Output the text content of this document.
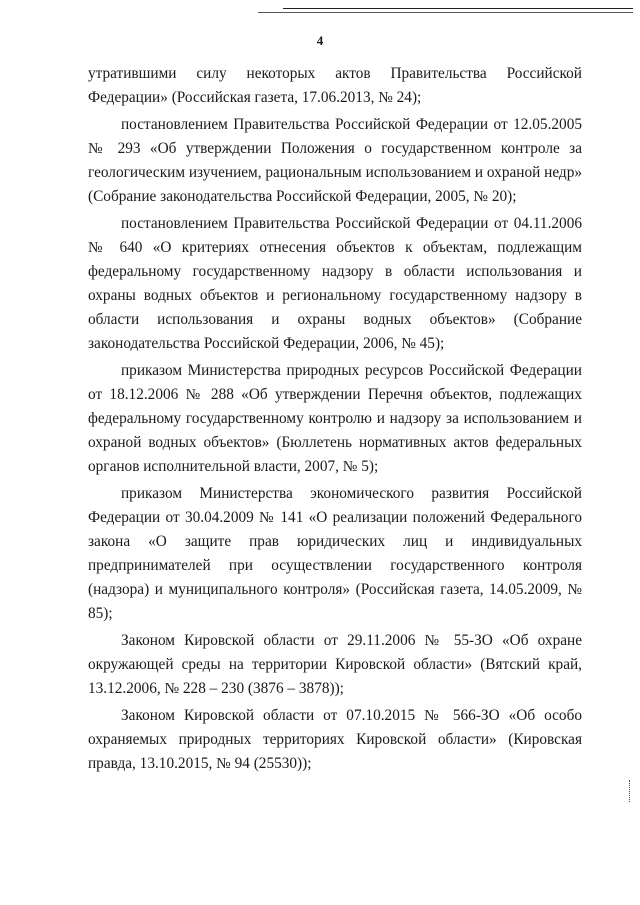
4

утратившими силу некоторых актов Правительства Российской Федерации» (Российская газета, 17.06.2013, № 24);

постановлением Правительства Российской Федерации от 12.05.2005 № 293 «Об утверждении Положения о государственном контроле за геологическим изучением, рациональным использованием и охраной недр» (Собрание законодательства Российской Федерации, 2005, № 20);

постановлением Правительства Российской Федерации от 04.11.2006 № 640 «О критериях отнесения объектов к объектам, подлежащим федеральному государственному надзору в области использования и охраны водных объектов и региональному государственному надзору в области использования и охраны водных объектов» (Собрание законодательства Российской Федерации, 2006, № 45);

приказом Министерства природных ресурсов Российской Федерации от 18.12.2006 № 288 «Об утверждении Перечня объектов, подлежащих федеральному государственному контролю и надзору за использованием и охраной водных объектов» (Бюллетень нормативных актов федеральных органов исполнительной власти, 2007, № 5);

приказом Министерства экономического развития Российской Федерации от 30.04.2009 № 141 «О реализации положений Федерального закона «О защите прав юридических лиц и индивидуальных предпринимателей при осуществлении государственного контроля (надзора) и муниципального контроля» (Российская газета, 14.05.2009, № 85);

Законом Кировской области от 29.11.2006 № 55-ЗО «Об охране окружающей среды на территории Кировской области» (Вятский край, 13.12.2006, № 228 – 230 (3876 – 3878));

Законом Кировской области от 07.10.2015 № 566-ЗО «Об особо охраняемых природных территориях Кировской области» (Кировская правда, 13.10.2015, № 94 (25530));
